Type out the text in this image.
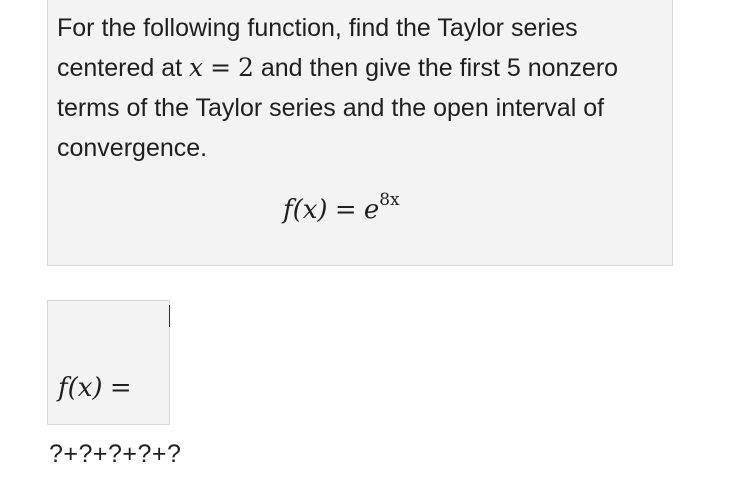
For the following function, find the Taylor series centered at x = 2 and then give the first 5 nonzero terms of the Taylor series and the open interval of convergence.

$f(x) = e^{8x}$
f(x) =
?+?+?+?+?
